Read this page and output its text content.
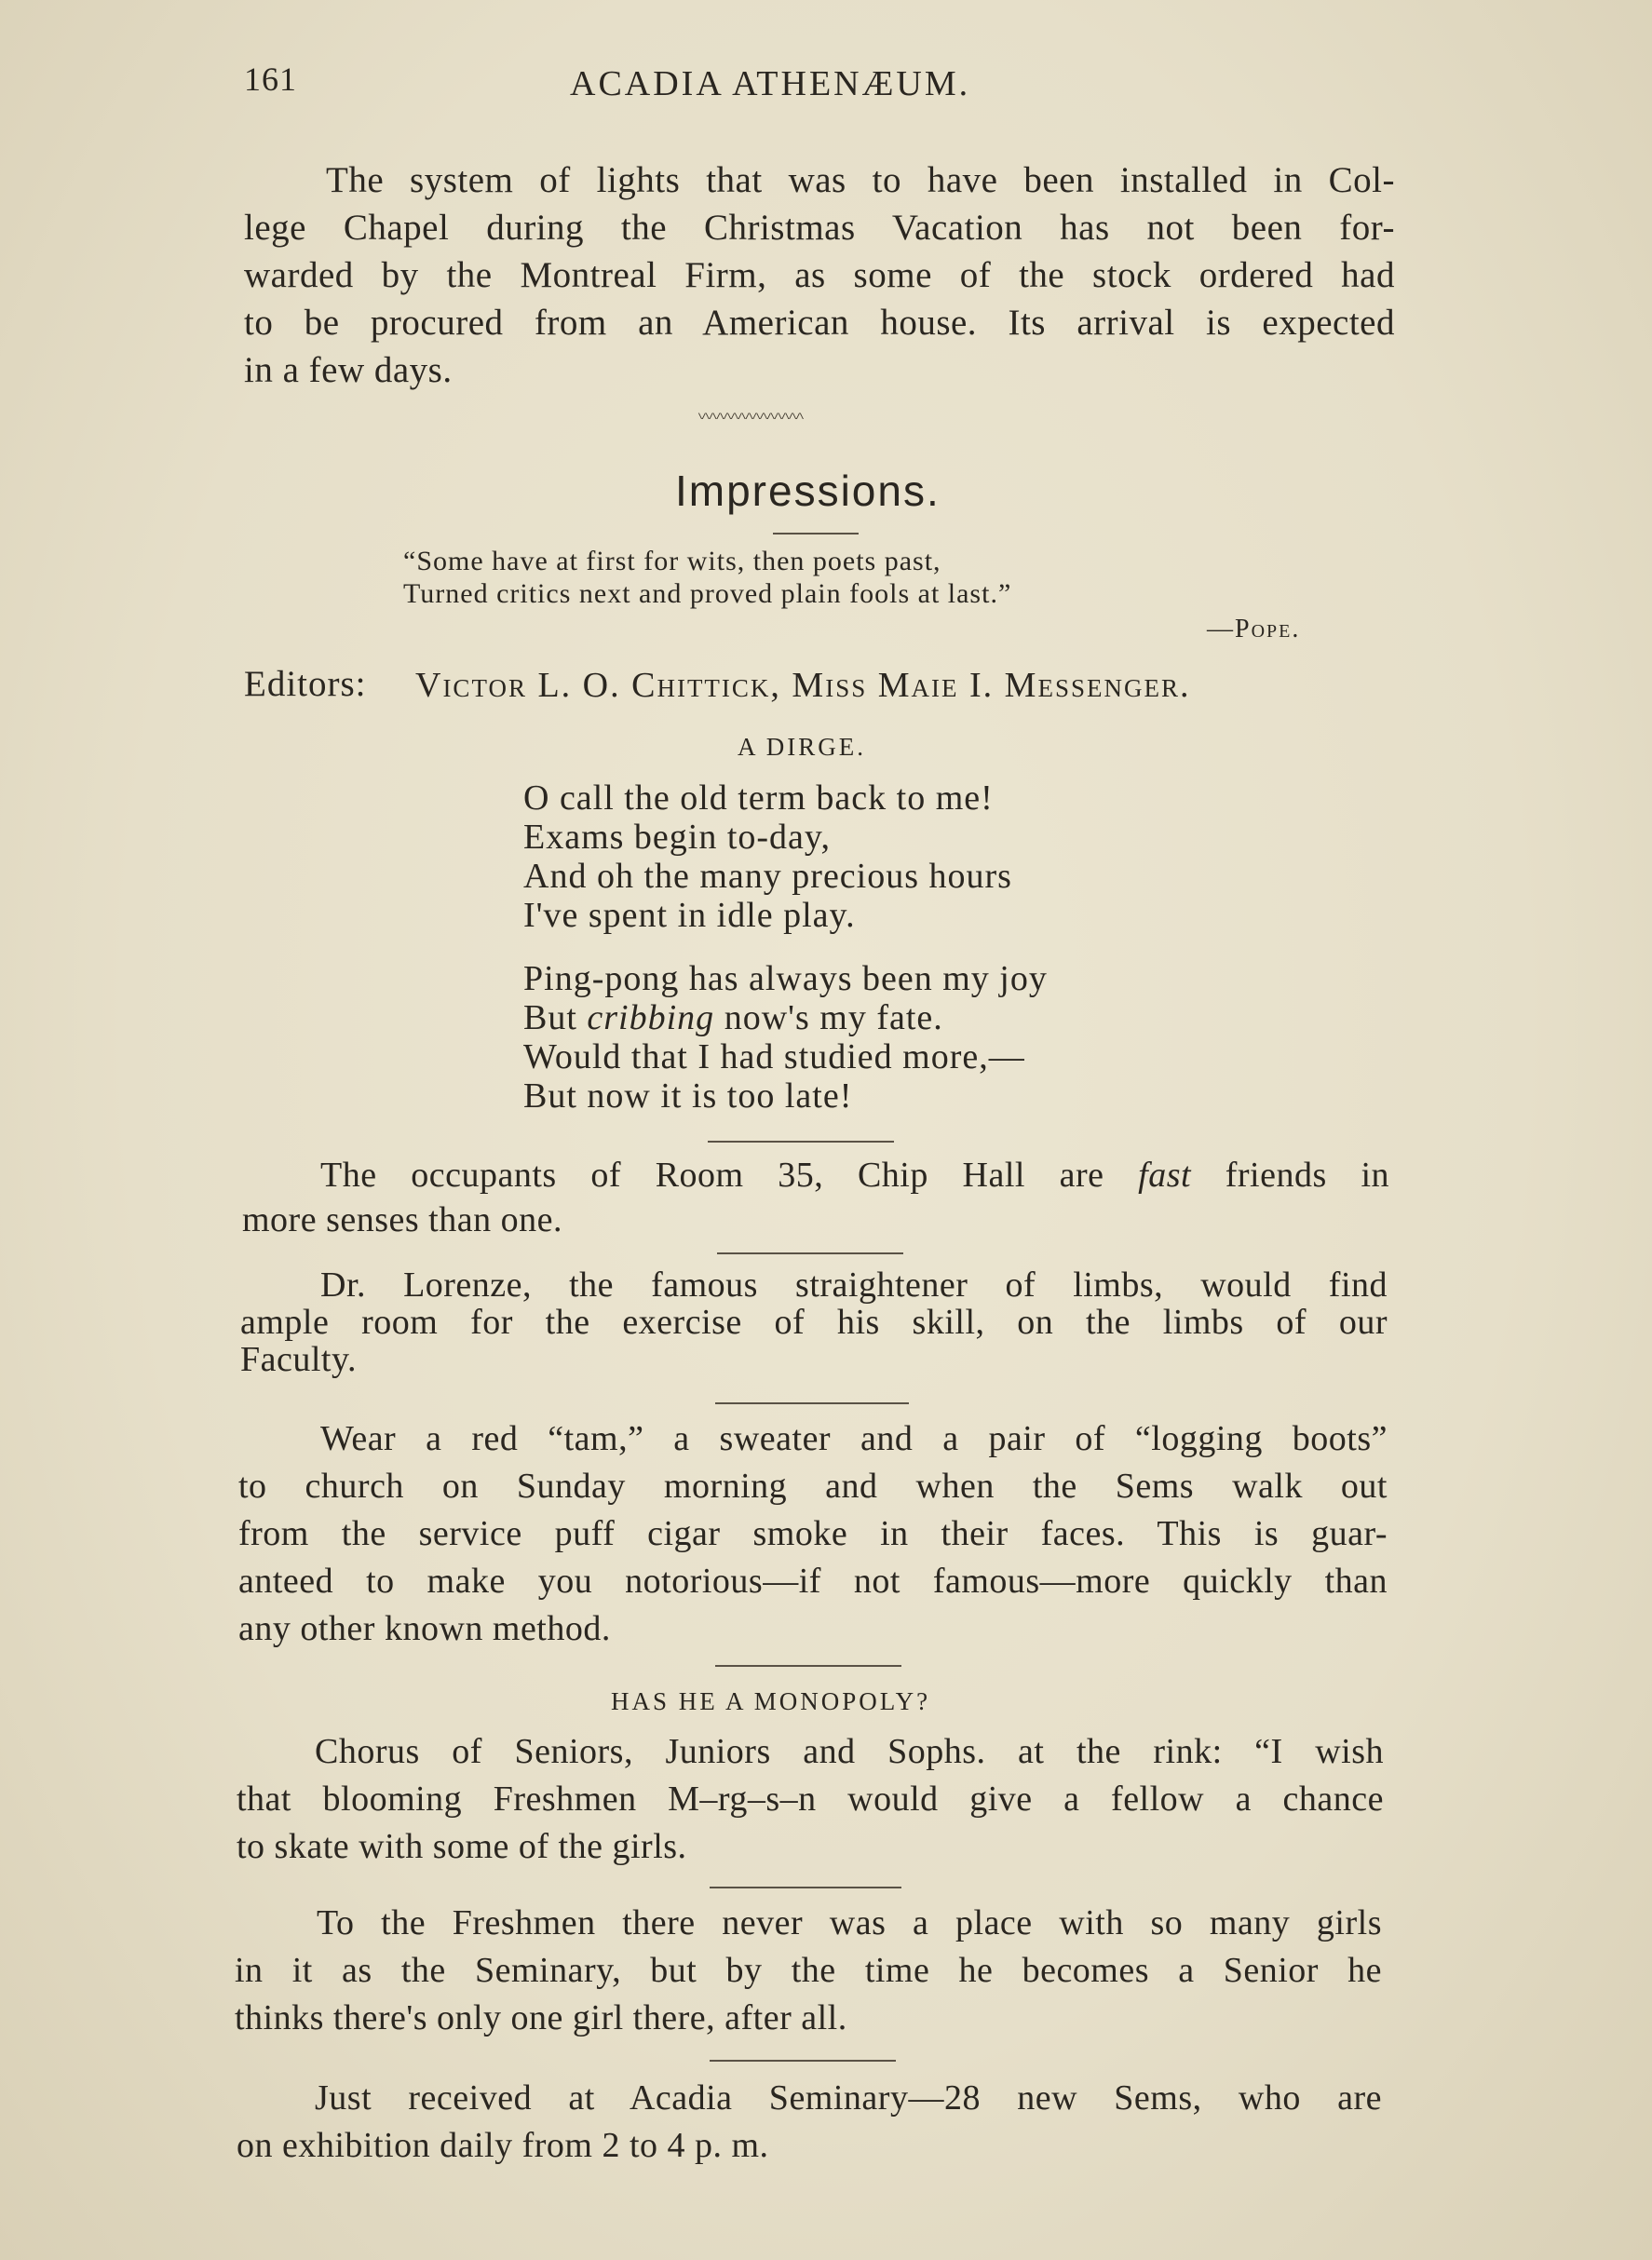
161	ACADIA ATHENÆUM.
The system of lights that was to have been installed in Col-
lege Chapel during the Christmas Vacation has not been for-
warded by the Montreal Firm, as some of the stock ordered had
to be procured from an American house. Its arrival is expected
in a few days.
\/\/\/\/\/\/\/\/\/\/\/\/\/\/\
Impressions.
“Some have at first for wits, then poets past,
Turned critics next and proved plain fools at last.”
—Pope.
Editors: Victor L. O. Chittick, Miss Maie I. Messenger.
A DIRGE.
O call the old term back to me!
Exams begin to-day,
And oh the many precious hours
I've spent in idle play.
Ping-pong has always been my joy
But cribbing now's my fate.
Would that I had studied more,—
But now it is too late!
The occupants of Room 35, Chip Hall are fast friends in
more senses than one.
Dr. Lorenze, the famous straightener of limbs, would find
ample room for the exercise of his skill, on the limbs of our
Faculty.
Wear a red “tam,” a sweater and a pair of “logging boots”
to church on Sunday morning and when the Sems walk out
from the service puff cigar smoke in their faces. This is guar-
anteed to make you notorious—if not famous—more quickly than
any other known method.
HAS HE A MONOPOLY?
Chorus of Seniors, Juniors and Sophs. at the rink: “I wish
that blooming Freshmen M–rg–s–n would give a fellow a chance
to skate with some of the girls.
To the Freshmen there never was a place with so many girls
in it as the Seminary, but by the time he becomes a Senior he
thinks there's only one girl there, after all.
Just received at Acadia Seminary—28 new Sems, who are
on exhibition daily from 2 to 4 p. m.
